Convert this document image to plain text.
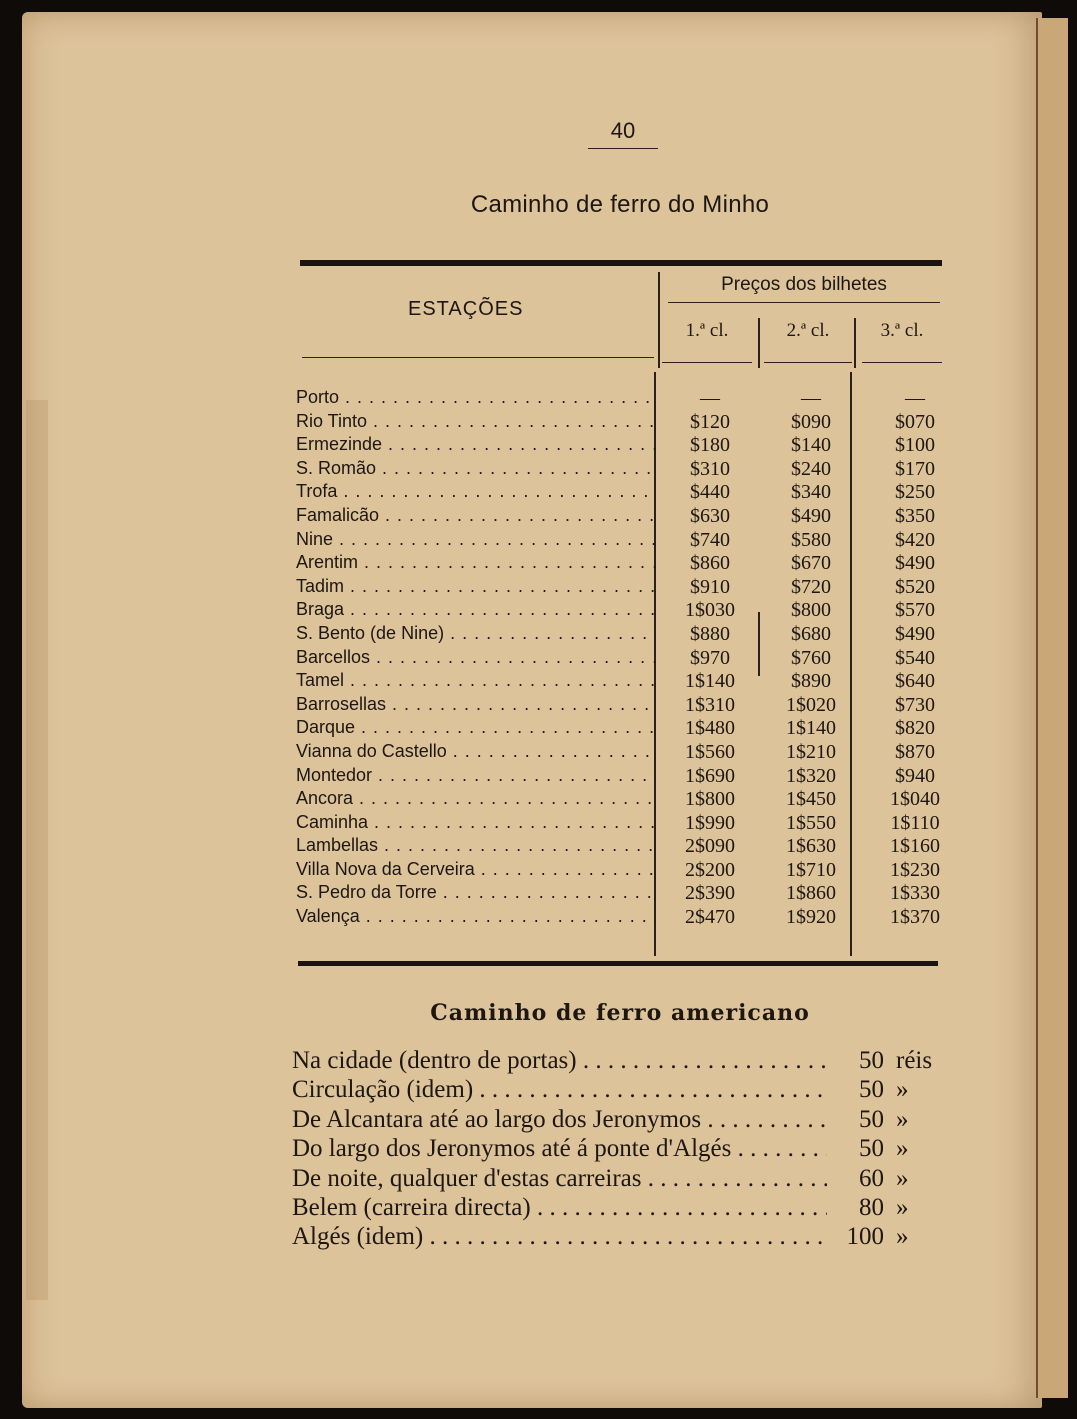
40
Caminho de ferro do Minho
ESTAÇÕES
Preços dos bilhetes
1.ª cl.	2.ª cl.	3.ª cl.
Porto . . .	—	—	—
Rio Tinto . . .	$120	$090	$070
Ermezinde . . .	$180	$140	$100
S. Romão . . .	$310	$240	$170
Trofa . . .	$440	$340	$250
Famalicão . . .	$630	$490	$350
Nine . . .	$740	$580	$420
Arentim . . .	$860	$670	$490
Tadim . . .	$910	$720	$520
Braga . . .	1$030	$800	$570
S. Bento (de Nine) . . .	$880	$680	$490
Barcellos . . .	$970	$760	$540
Tamel . . .	1$140	$890	$640
Barrosellas . . .	1$310	1$020	$730
Darque . . .	1$480	1$140	$820
Vianna do Castello . . .	1$560	1$210	$870
Montedor . . .	1$690	1$320	$940
Ancora . . .	1$800	1$450	1$040
Caminha . . .	1$990	1$550	1$110
Lambellas . . .	2$090	1$630	1$160
Villa Nova da Cerveira . . .	2$200	1$710	1$230
S. Pedro da Torre . . .	2$390	1$860	1$330
Valença . . .	2$470	1$920	1$370
Caminho de ferro americano
Na cidade (dentro de portas) . . .	50 réis
Circulação (idem) . . .	50 »
De Alcantara até ao largo dos Jeronymos . . .	50 »
Do largo dos Jeronymos até á ponte d'Algés . . .	50 »
De noite, qualquer d'estas carreiras . . .	60 »
Belem (carreira directa) . . .	80 »
Algés (idem) . . .	100 »
